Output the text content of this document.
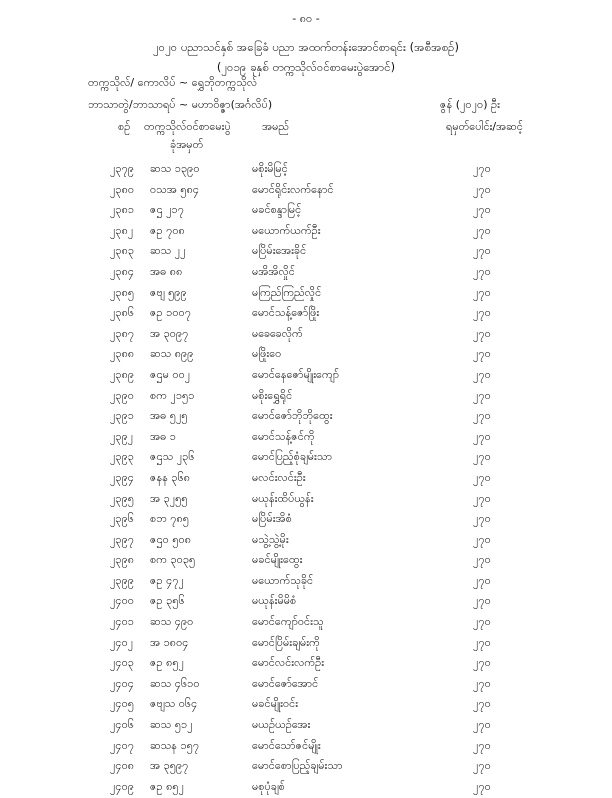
- ၈၀ -
၂၀၂၀ ပညာသင်နှစ် အခြေခံ ပညာ အထက်တန်းအောင်စာရင်း (အစီအစဉ်)
(၂၀၁၉ ခုနှစ် တက္ကသိုလ်ဝင်စာမေးပွဲအောင်)
တက္ကသိုလ်/ ကောလိပ် ~ ရွှေဘိုတက္ကသိုလ်
ဘာသာတွဲ/ဘာသာရပ် ~ မဟာဝိဇ္ဇာ(အင်္ဂလိပ်)	ဇွန် (၂၀၂၀) ဦး
စဉ် တက္ကသိုလ်ဝင်စာမေးပွဲ
ခုံအမှတ်
အမည်	ရမှတ်ပေါင်း/အဆင့်
၂၃၇၉ ဆသ ၁၃၉၀	မစိုးမိမြင့်	၂၇၀
၂၃၈၀ ဝသအ ၅၈၄	မောင်ရိုင်းလက်နောင်	၂၇၀
၂၃၈၁ ဇဌ ၂၁၇	မခင်စန္ဒာမြင့်	၂၇၀
၂၃၈၂ ဇဥ ၇၀၈	မယောက်ယက်ဦး	၂၇၀
၂၃၈၃ ဆသ ၂၂	မပြိမ်းအေးခိုင်	၂၇၀
၂၃၈၄ အဓ ၈၈	မအိအိလှိုင်	၂၇၀
၂၃၈၅ ဇဗျ ၅၉၉	မကြည်ကြည်လှိုင်	၂၇၀
၂၃၈၆ ဇဥ ၁၀၀၇	မောင်သန့်ဇော်ဖြိုး	၂၇၀
၂၃၈၇ အ ၃၀၉၇	မခေခေလိုက်	၂၇၀
၂၃၈၈ ဆသ ၈၉၉	မဖြိုးဝေ	၂၇၀
၂၃၈၉ ဇဌမ ၀၀၂	မောင်နေဇော်မျိုးကျော်	၂၇၀
၂၃၉၀ စက ၂၁၅၁	မစိုးရွှေရိုင်	၂၇၀
၂၃၉၁ အဓ ၅၂၅	မောင်ဇော်ဘိုဘိုထွေး	၂၇၀
၂၃၉၂ အဓ ၁	မောင်သန့်ဇင်ကို	၂၇၀
၂၃၉၃ ဇဌသ ၂၃၆	မောင်ပြည့်စုံချမ်းသာ	၂၇၀
၂၃၉၄ ဇနန ၃၆၈	မလင်းလင်းဦး	၂၇၀
၂၃၉၅ အ ၃၂၅၅	မယုန်းထိပ်ယွန်း	၂၇၀
၂၃၉၆ စဘ ၇၈၅	မပြိမ်းအိစံ	၂၇၀
၂၃၉၇ ဇဌဝ ၅၀၈	မသွဲ့သွဲ့မိုး	၂၇၀
၂၃၉၈ စက ၃၀၃၅	မခင်မျိုးထွေး	၂၇၀
၂၃၉၉ ဇဥ ၄၇၂	မယောက်သုခိုင်	၂၇၀
၂၄၀၀ ဇဥ ၃၅၆	မယုန်းမိမိစံ	၂၇၀
၂၄၀၁ ဆသ ၄၉၀	မောင်ကျော်ဝင်းသူ	၂၇၀
၂၄၀၂ အ ၁၈၀၄	မောင်ပြိမ်းချမ်းကို	၂၇၀
၂၄၀၃ ဇဥ ၈၅၂	မောင်လင်းလက်ဦး	၂၇၀
၂၄၀၄ ဆသ ၄၆၁၀	မောင်ဇော်အောင်	၂၇၀
၂၄၀၅ ဇဗျသ ၀၆၄	မခင်မျိုးဝင်း	၂၇၀
၂၄၀၆ ဆသ ၅၁၂	မယဉ်ယဉ်အေး	၂၇၀
၂၄၀၇ ဆသန ၁၅၇	မောင်သော်ဇင်မျိုး	၂၇၀
၂၄၀၈ အ ၃၅၉၇	မောင်စောပြည့်ချမ်းသာ	၂၇၀
၂၄၀၉ ဇဥ ၈၅၂	မစုပုံချစ်	၂၇၀
